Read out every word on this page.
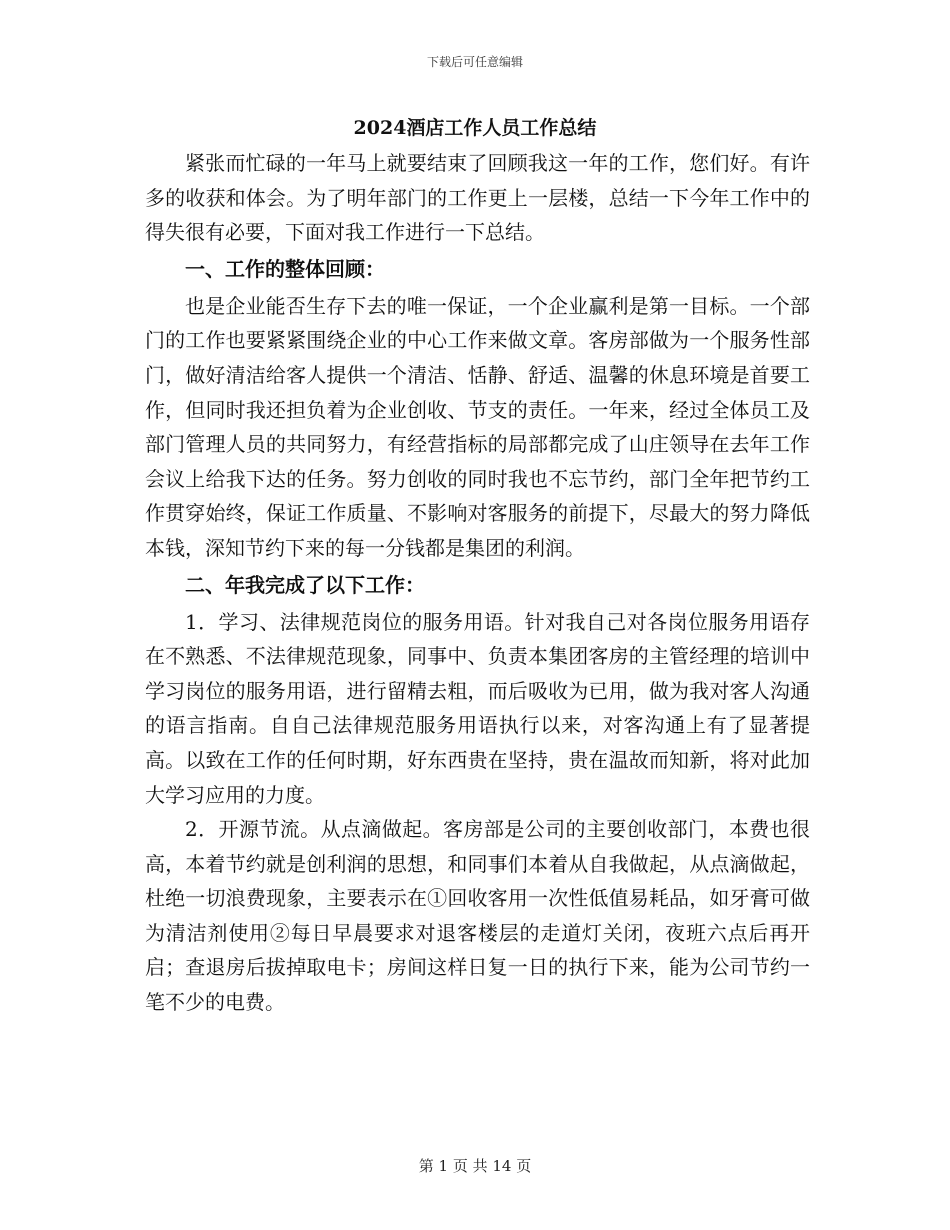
下载后可任意编辑
2024酒店工作人员工作总结

紧张而忙碌的一年马上就要结束了回顾我这一年的工作，您们好。有许多的收获和体会。为了明年部门的工作更上一层楼，总结一下今年工作中的得失很有必要，下面对我工作进行一下总结。

一、工作的整体回顾：

也是企业能否生存下去的唯一保证，一个企业赢利是第一目标。一个部门的工作也要紧紧围绕企业的中心工作来做文章。客房部做为一个服务性部门，做好清洁给客人提供一个清洁、恬静、舒适、温馨的休息环境是首要工作，但同时我还担负着为企业创收、节支的责任。一年来，经过全体员工及部门管理人员的共同努力，有经营指标的局部都完成了山庄领导在去年工作会议上给我下达的任务。努力创收的同时我也不忘节约，部门全年把节约工作贯穿始终，保证工作质量、不影响对客服务的前提下，尽最大的努力降低本钱，深知节约下来的每一分钱都是集团的利润。

二、年我完成了以下工作：

1．学习、法律规范岗位的服务用语。针对我自己对各岗位服务用语存在不熟悉、不法律规范现象，同事中、负责本集团客房的主管经理的培训中学习岗位的服务用语，进行留精去粗，而后吸收为已用，做为我对客人沟通的语言指南。自自己法律规范服务用语执行以来，对客沟通上有了显著提高。以致在工作的任何时期，好东西贵在坚持，贵在温故而知新，将对此加大学习应用的力度。

2．开源节流。从点滴做起。客房部是公司的主要创收部门，本费也很高，本着节约就是创利润的思想，和同事们本着从自我做起，从点滴做起，杜绝一切浪费现象，主要表示在①回收客用一次性低值易耗品，如牙膏可做为清洁剂使用②每日早晨要求对退客楼层的走道灯关闭，夜班六点后再开启；查退房后拔掉取电卡；房间这样日复一日的执行下来，能为公司节约一笔不少的电费。

第 1 页 共 14 页
